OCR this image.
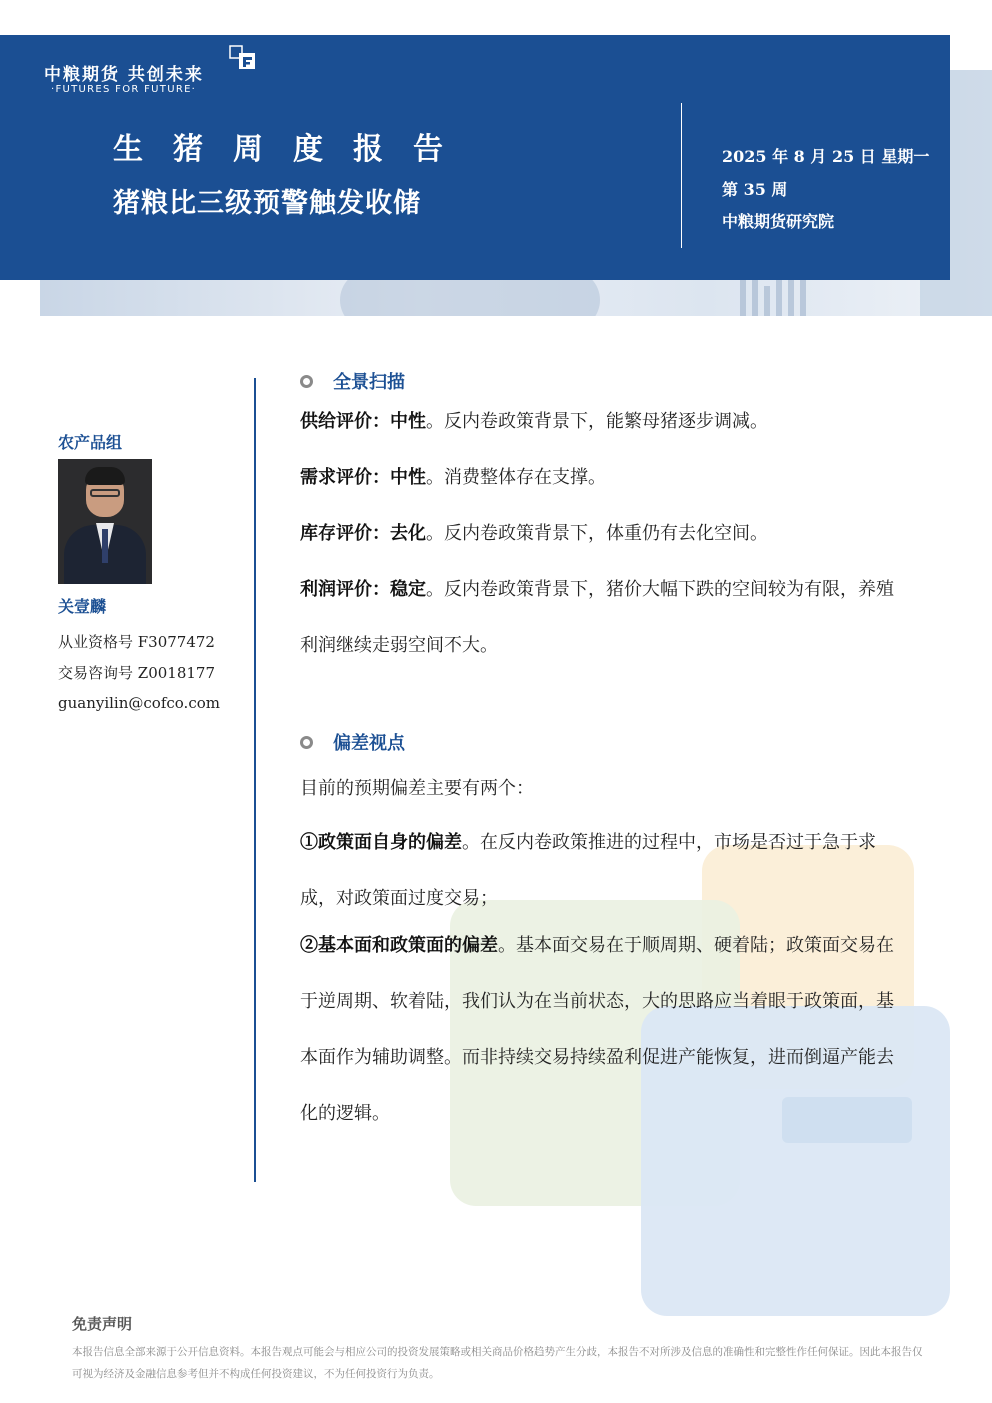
中粮期货 共创未来
·FUTURES FOR FUTURE·
生猪周度报告
猪粮比三级预警触发收储
2025 年 8 月 25 日 星期一
第 35 周
中粮期货研究院
农产品组
关壹麟
从业资格号 F3077472
交易咨询号 Z0018177
guanyilin@cofco.com
全景扫描
供给评价：中性。反内卷政策背景下，能繁母猪逐步调减。
需求评价：中性。消费整体存在支撑。
库存评价：去化。反内卷政策背景下，体重仍有去化空间。
利润评价：稳定。反内卷政策背景下，猪价大幅下跌的空间较为有限，养殖利润继续走弱空间不大。
偏差视点
目前的预期偏差主要有两个：
①政策面自身的偏差。在反内卷政策推进的过程中，市场是否过于急于求成，对政策面过度交易；
②基本面和政策面的偏差。基本面交易在于顺周期、硬着陆；政策面交易在于逆周期、软着陆，我们认为在当前状态，大的思路应当着眼于政策面，基本面作为辅助调整。而非持续交易持续盈利促进产能恢复，进而倒逼产能去化的逻辑。
免责声明
本报告信息全部来源于公开信息资料。本报告观点可能会与相应公司的投资发展策略或相关商品价格趋势产生分歧，本报告不对所涉及信息的准确性和完整性作任何保证。因此本报告仅可视为经济及金融信息参考但并不构成任何投资建议，不为任何投资行为负责。
